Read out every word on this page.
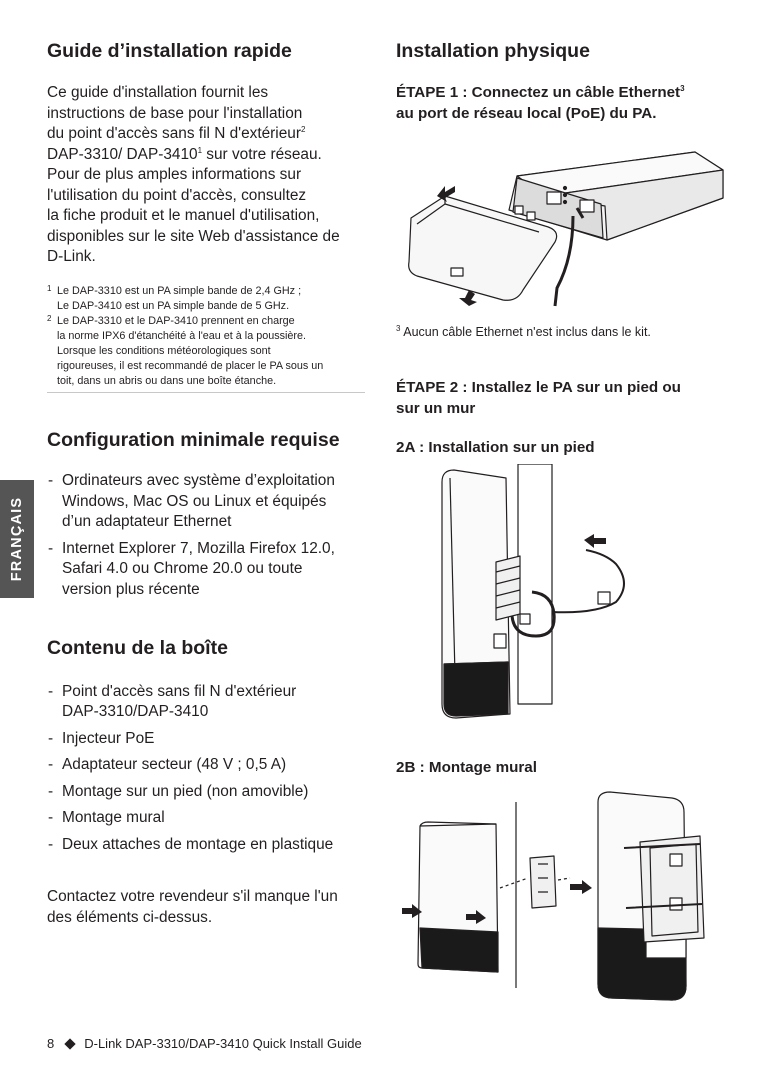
FRANÇAIS
Guide d’installation rapide

Ce guide d'installation fournit les

instructions de base pour l'installation

du point d'accès sans fil N d'extérieur$^2$

DAP-3310/ DAP-3410$^1$ sur votre réseau.

Pour de plus amples informations sur

l'utilisation du point d'accès, consultez

la fiche produit et le manuel d'utilisation,

disponibles sur le site Web d'assistance de

D-Link.

1 Le DAP-3310 est un PA simple bande de 2,4 GHz ;
Le DAP-3410 est un PA simple bande de 5 GHz.
2 Le DAP-3310 et le DAP-3410 prennent en charge
la norme IPX6 d'étanchéité à l'eau et à la poussière.
Lorsque les conditions météorologiques sont
rigoureuses, il est recommandé de placer le PA sous un
toit, dans un abris ou dans une boîte étanche.
Configuration minimale requise
- Ordinateurs avec système d’exploitation
Windows, Mac OS ou Linux et équipés
d’un adaptateur Ethernet
- Internet Explorer 7, Mozilla Firefox 12.0,
Safari 4.0 ou Chrome 20.0 ou toute
version plus récente
Contenu de la boîte
- Point d'accès sans fil N d'extérieur
DAP-3310/DAP-3410
- Injecteur PoE
- Adaptateur secteur (48 V ; 0,5 A)
- Montage sur un pied (non amovible)
- Montage mural
- Deux attaches de montage en plastique

Contactez votre revendeur s'il manque l'un

des éléments ci-dessus.

Installation physique

ÉTAPE 1 : Connectez un câble Ethernet$^3$

au port de réseau local (PoE) du PA.

$^3$ Aucun câble Ethernet n'est inclus dans le kit.

ÉTAPE 2 : Installez le PA sur un pied ou

sur un mur

2A : Installation sur un pied

2B : Montage mural

8 D-Link DAP-3310/DAP-3410 Quick Install Guide
